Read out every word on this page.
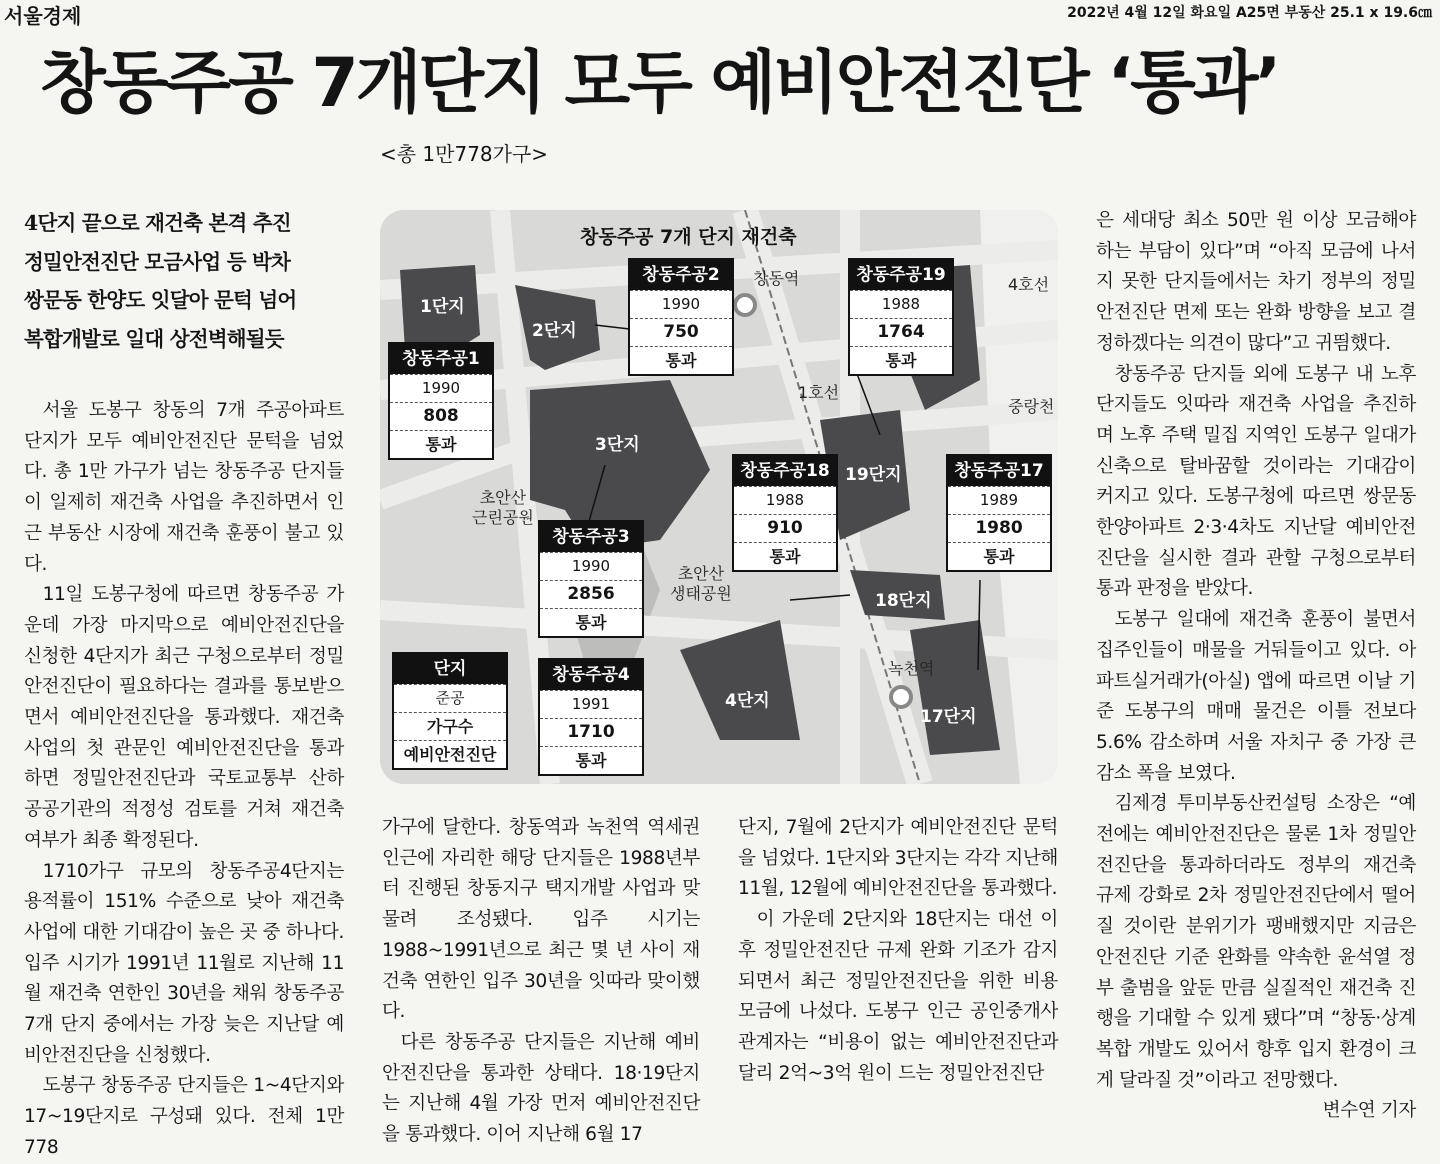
서울경제	2022년 4월 12일 화요일 A25면 부동산 25.1 x 19.6㎝
창동주공 7개단지 모두 예비안전진단 ‘통과’
<총 1만778가구>
4단지 끝으로 재건축 본격 추진
정밀안전진단 모금사업 등 박차
쌍문동 한양도 잇달아 문턱 넘어
복합개발로 일대 상전벽해될듯

서울 도봉구 창동의 7개 주공아파트 단지가 모두 예비안전진단 문턱을 넘었다. 총 1만 가구가 넘는 창동주공 단지들이 일제히 재건축 사업을 추진하면서 인근 부동산 시장에 재건축 훈풍이 불고 있다.

11일 도봉구청에 따르면 창동주공 가운데 가장 마지막으로 예비안전진단을 신청한 4단지가 최근 구청으로부터 정밀안전진단이 필요하다는 결과를 통보받으면서 예비안전진단을 통과했다. 재건축 사업의 첫 관문인 예비안전진단을 통과하면 정밀안전진단과 국토교통부 산하 공공기관의 적정성 검토를 거쳐 재건축 여부가 최종 확정된다.

1710가구 규모의 창동주공4단지는 용적률이 151% 수준으로 낮아 재건축 사업에 대한 기대감이 높은 곳 중 하나다. 입주 시기가 1991년 11월로 지난해 11월 재건축 연한인 30년을 채워 창동주공 7개 단지 중에서는 가장 늦은 지난달 예비안전진단을 신청했다.

도봉구 창동주공 단지들은 1~4단지와 17~19단지로 구성돼 있다. 전체 1만 778

가구에 달한다. 창동역과 녹천역 역세권 인근에 자리한 해당 단지들은 1988년부터 진행된 창동지구 택지개발 사업과 맞물려 조성됐다. 입주 시기는 1988~1991년으로 최근 몇 년 사이 재건축 연한인 입주 30년을 잇따라 맞이했다.

다른 창동주공 단지들은 지난해 예비안전진단을 통과한 상태다. 18·19단지는 지난해 4월 가장 먼저 예비안전진단을 통과했다. 이어 지난해 6월 17

단지, 7월에 2단지가 예비안전진단 문턱을 넘었다. 1단지와 3단지는 각각 지난해 11월, 12월에 예비안전진단을 통과했다.

이 가운데 2단지와 18단지는 대선 이후 정밀안전진단 규제 완화 기조가 감지되면서 최근 정밀안전진단을 위한 비용 모금에 나섰다. 도봉구 인근 공인중개사 관계자는 “비용이 없는 예비안전진단과 달리 2억~3억 원이 드는 정밀안전진단

은 세대당 최소 50만 원 이상 모금해야 하는 부담이 있다”며 “아직 모금에 나서지 못한 단지들에서는 차기 정부의 정밀안전진단 면제 또는 완화 방향을 보고 결정하겠다는 의견이 많다”고 귀띔했다.

창동주공 단지들 외에 도봉구 내 노후 단지들도 잇따라 재건축 사업을 추진하며 노후 주택 밀집 지역인 도봉구 일대가 신축으로 탈바꿈할 것이라는 기대감이 커지고 있다. 도봉구청에 따르면 쌍문동 한양아파트 2·3·4차도 지난달 예비안전진단을 실시한 결과 관할 구청으로부터 통과 판정을 받았다.

도봉구 일대에 재건축 훈풍이 불면서 집주인들이 매물을 거둬들이고 있다. 아파트실거래가(아실) 앱에 따르면 이날 기준 도봉구의 매매 물건은 이틀 전보다 5.6% 감소하며 서울 자치구 중 가장 큰 감소 폭을 보였다.

김제경 투미부동산컨설팅 소장은 “예전에는 예비안전진단은 물론 1차 정밀안전진단을 통과하더라도 정부의 재건축 규제 강화로 2차 정밀안전진단에서 떨어질 것이란 분위기가 팽배했지만 지금은 안전진단 기준 완화를 약속한 윤석열 정부 출범을 앞둔 만큼 실질적인 재건축 진행을 기대할 수 있게 됐다”며 “창동·상계 복합 개발도 있어서 향후 입지 환경이 크게 달라질 것”이라고 전망했다.
변수연 기자

창동주공 7개 단지 재건축
1단지
2단지
3단지
19단지
18단지
4단지
17단지
창동역	4호선
1호선
중랑천
초안산
근린공원
초안산
생태공원
녹천역
창동주공1
1990
808
통과
창동주공2
1990
750
통과
창동주공19
1988
1764
통과
창동주공18
1988
910
통과
창동주공17
1989
1980
통과
창동주공3
1990
2856
통과
창동주공4
1991
1710
통과
단지
준공
가구수
예비안전진단
